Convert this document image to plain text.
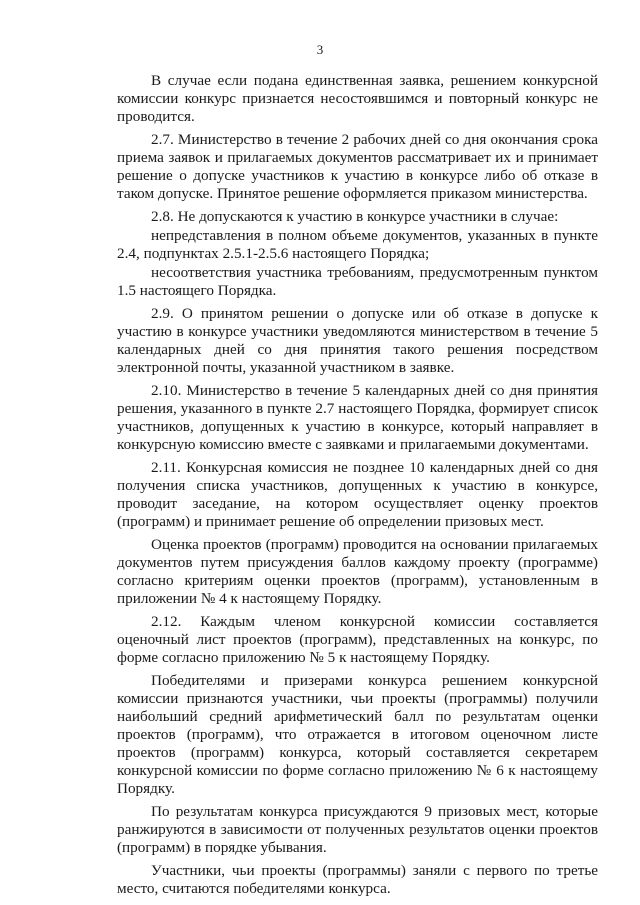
3

В случае если подана единственная заявка, решением конкурсной комиссии конкурс признается несостоявшимся и повторный конкурс не проводится.

2.7. Министерство в течение 2 рабочих дней со дня окончания срока приема заявок и прилагаемых документов рассматривает их и принимает решение о допуске участников к участию в конкурсе либо об отказе в таком допуске. Принятое решение оформляется приказом министерства.

2.8. Не допускаются к участию в конкурсе участники в случае:

непредставления в полном объеме документов, указанных в пункте 2.4, подпунктах 2.5.1-2.5.6 настоящего Порядка;

несоответствия участника требованиям, предусмотренным пунктом 1.5 настоящего Порядка.

2.9. О принятом решении о допуске или об отказе в допуске к участию в конкурсе участники уведомляются министерством в течение 5 календарных дней со дня принятия такого решения посредством электронной почты, указанной участником в заявке.

2.10. Министерство в течение 5 календарных дней со дня принятия решения, указанного в пункте 2.7 настоящего Порядка, формирует список участников, допущенных к участию в конкурсе, который направляет в конкурсную комиссию вместе с заявками и прилагаемыми документами.

2.11. Конкурсная комиссия не позднее 10 календарных дней со дня получения списка участников, допущенных к участию в конкурсе, проводит заседание, на котором осуществляет оценку проектов (программ) и принимает решение об определении призовых мест.

Оценка проектов (программ) проводится на основании прилагаемых документов путем присуждения баллов каждому проекту (программе) согласно критериям оценки проектов (программ), установленным в приложении № 4 к настоящему Порядку.

2.12. Каждым членом конкурсной комиссии составляется оценочный лист проектов (программ), представленных на конкурс, по форме согласно приложению № 5 к настоящему Порядку.

Победителями и призерами конкурса решением конкурсной комиссии признаются участники, чьи проекты (программы) получили наибольший средний арифметический балл по результатам оценки проектов (программ), что отражается в итоговом оценочном листе проектов (программ) конкурса, который составляется секретарем конкурсной комиссии по форме согласно приложению № 6 к настоящему Порядку.

По результатам конкурса присуждаются 9 призовых мест, которые ранжируются в зависимости от полученных результатов оценки проектов (программ) в порядке убывания.

Участники, чьи проекты (программы) заняли с первого по третье место, считаются победителями конкурса.
